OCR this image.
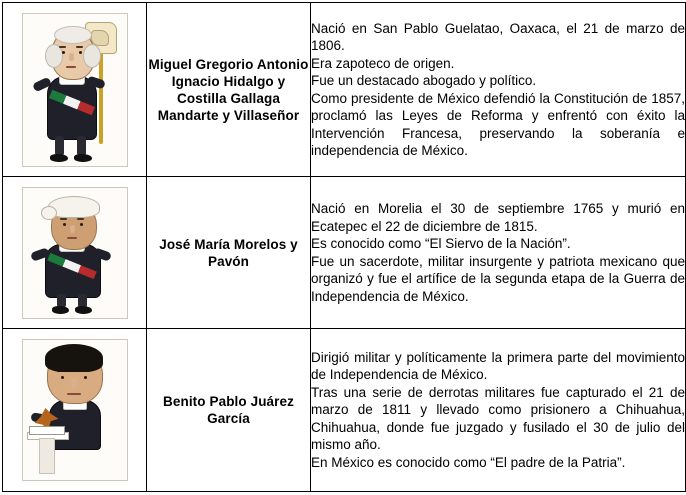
	Miguel Gregorio Antonio Ignacio Hidalgo y Costilla Gallaga Mandarte y Villaseñor	Nació en San Pablo Guelatao, Oaxaca, el 21 de marzo de 1806.

Era zapoteco de origen.

Fue un destacado abogado y político.

Como presidente de México defendió la Constitución de 1857, proclamó las Leyes de Reforma y enfrentó con éxito la Intervención Francesa, preservando la soberanía e independencia de México.

	José María Morelos y Pavón	Nació en Morelia el 30 de septiembre 1765 y murió en Ecatepec el 22 de diciembre de 1815.

Es conocido como “El Siervo de la Nación”.

Fue un sacerdote, militar insurgente y patriota mexicano que organizó y fue el artífice de la segunda etapa de la Guerra de Independencia de México.

	Benito Pablo Juárez García	Dirigió militar y políticamente la primera parte del movimiento de Independencia de México.

Tras una serie de derrotas militares fue capturado el 21 de marzo de 1811 y llevado como prisionero a Chihuahua, Chihuahua, donde fue juzgado y fusilado el 30 de julio del mismo año.

En México es conocido como “El padre de la Patria”.
